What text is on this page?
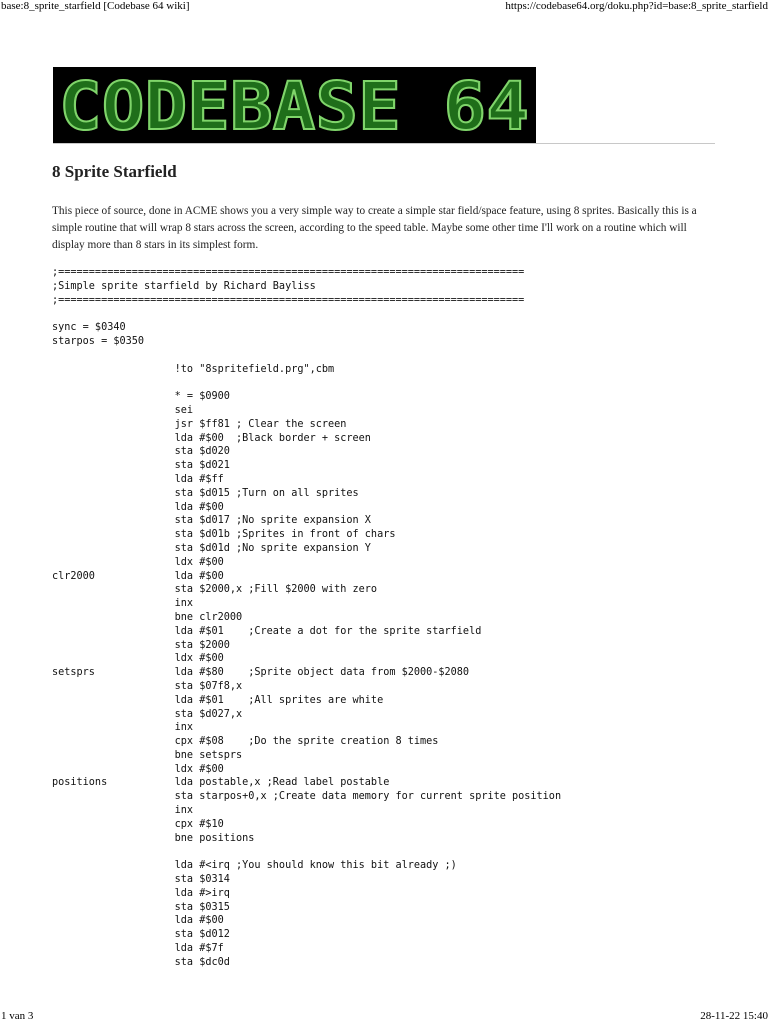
base:8_sprite_starfield [Codebase 64 wiki]	https://codebase64.org/doku.php?id=base:8_sprite_starfield
CODEBASE 64
8 Sprite Starfield

This piece of source, done in ACME shows you a very simple way to create a simple star field/space feature, using 8 sprites. Basically this is a simple routine that will wrap 8 stars across the screen, according to the speed table. Maybe some other time I'll work on a routine which will display more than 8 stars in its simplest form.

;============================================================================
;Simple sprite starfield by Richard Bayliss
;============================================================================

sync = $0340
starpos = $0350

!to "8spritefield.prg",cbm

* = $0900
sei
jsr $ff81 ; Clear the screen
lda #$00  ;Black border + screen
sta $d020
sta $d021
lda #$ff
sta $d015 ;Turn on all sprites
lda #$00
sta $d017 ;No sprite expansion X
sta $d01b ;Sprites in front of chars
sta $d01d ;No sprite expansion Y
ldx #$00
clr2000             lda #$00
sta $2000,x ;Fill $2000 with zero
inx
bne clr2000
lda #$01    ;Create a dot for the sprite starfield
sta $2000
ldx #$00
setsprs             lda #$80    ;Sprite object data from $2000-$2080
sta $07f8,x
lda #$01    ;All sprites are white
sta $d027,x
inx
cpx #$08    ;Do the sprite creation 8 times
bne setsprs
ldx #$00
positions           lda postable,x ;Read label postable
sta starpos+0,x ;Create data memory for current sprite position
inx
cpx #$10
bne positions

lda #<irq ;You should know this bit already ;)
sta $0314
lda #>irq
sta $0315
lda #$00
sta $d012
lda #$7f
sta $dc0d

1 van 3	28-11-22 15:40
